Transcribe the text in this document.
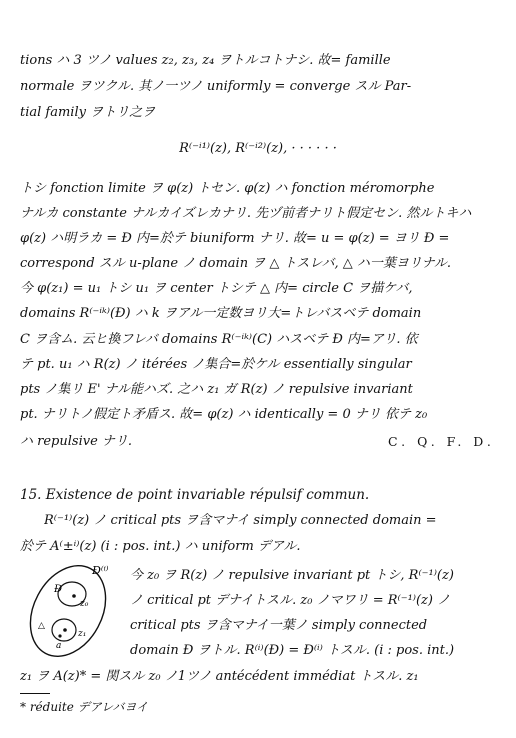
tions ハ 3 ツノ values z₂, z₃, z₄ ヲトルコトナシ. 故= famille
normale ヲツクル. 其ノ一ツノ uniformly = converge スル Par-
tial family ヲトリ之ヲ
R⁽⁻ⁱ¹⁾(z), R⁽⁻ⁱ²⁾(z), · · · · · ·
トシ fonction limite ヲ φ(z) トセン. φ(z) ハ fonction méromorphe
ナルカ constante ナルカイズレカナリ. 先ヅ前者ナリト假定セン. 然ルトキハ
φ(z) ハ明ラカ = Ð 内=於テ biuniform ナリ. 故= u = φ(z) = ヨリ Ð =
correspond スル u-plane ノ domain ヲ △ トスレバ, △ ハ一葉ヨリナル.
今 φ(z₁) = u₁ トシ u₁ ヲ center トシテ △ 内= circle C ヲ描ケバ,
domains R⁽⁻ⁱᵏ⁾(Ð) ハ k ヲアル一定数ヨリ大=トレバスベテ domain
C ヲ含ム. 云ヒ換フレバ domains R⁽⁻ⁱᵏ⁾(C) ハスベテ Ð 内=アリ. 依
テ pt. u₁ ハ R(z) ノ itérées ノ集合=於ケル essentially singular
pts ノ集リ E' ナル能ハズ. 之ハ z₁ ガ R(z) ノ repulsive invariant
pt. ナリトノ假定ト矛盾ス. 故= φ(z) ハ identically = 0 ナリ 依テ z₀
ハ repulsive ナリ.	C. Q. F. D.
15. Existence de point invariable répulsif commun.
R⁽⁻¹⁾(z) ノ critical pts ヲ含マナイ simply connected domain =
於テ A⁽±ⁱ⁾(z) (i : pos. int.) ハ uniform デアル.
Ð⁽ⁱ⁾
Ð
z₀
z₁
△
a
今 z₀ ヲ R(z) ノ repulsive invariant pt トシ, R⁽⁻¹⁾(z)
ノ critical pt デナイトスル. z₀ ノマワリ = R⁽⁻¹⁾(z) ノ
critical pts ヲ含マナイ一葉ノ simply connected
domain Ð ヲトル. R⁽ⁱ⁾(Ð) = Ð⁽ⁱ⁾ トスル. (i : pos. int.)
z₁ ヲ A(z)* = 関スル z₀ ノ1ツノ antécédent immédiat トスル. z₁
* réduite デアレバヨイ
